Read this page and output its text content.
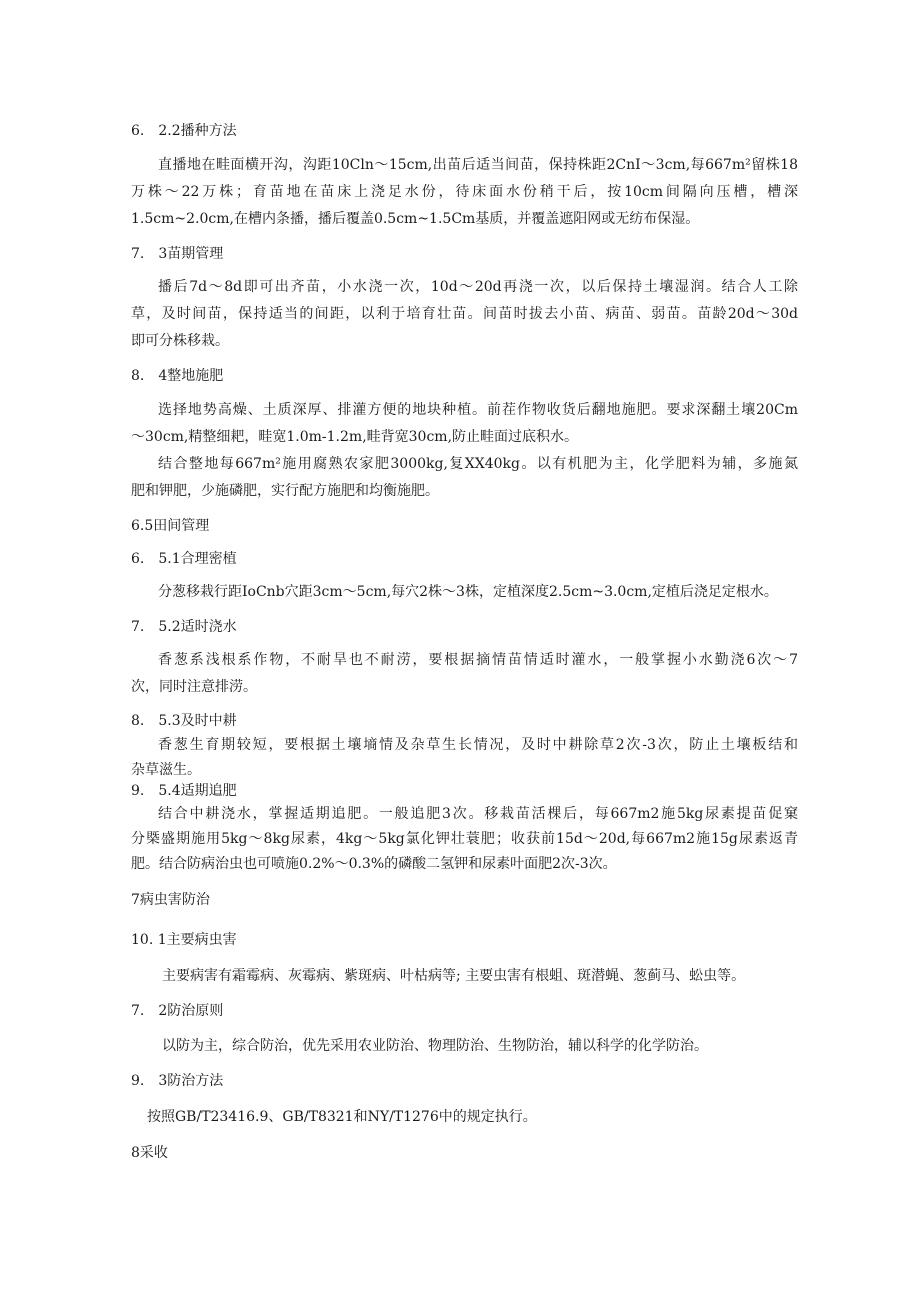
6.　2.2播种方法

直播地在畦面横开沟，沟距10Cln～15cm,出苗后适当间苗，保持株距2CnI～3cm,每667m²留株18

万株～22万株；育苗地在苗床上浇足水份，待床面水份稍干后，按10cm间隔向压槽，槽深

1.5cm~2.0cm,在槽内条播，播后覆盖0.5cm~1.5Cm基质，并覆盖遮阳网或无纺布保湿。

7.　3苗期管理

播后7d～8d即可出齐苗，小水浇一次，10d～20d再浇一次，以后保持土壤湿润。结合人工除

草，及时间苗，保持适当的间距，以利于培育壮苗。间苗时拔去小苗、病苗、弱苗。苗龄20d～30d

即可分株移栽。

8.　4整地施肥

选择地势高燥、土质深厚、排灌方便的地块种植。前茬作物收货后翻地施肥。要求深翻土壤20Cm

～30cm,精整细耙，畦宽1.0m-1.2m,畦背宽30cm,防止畦面过底积水。

结合整地每667m²施用腐熟农家肥3000kg,复XX40kg。以有机肥为主，化学肥料为辅，多施氮

肥和钾肥，少施磷肥，实行配方施肥和均衡施肥。

6.5田间管理

6.　5.1合理密植

分葱移栽行距IoCnb穴距3cm～5cm,每穴2株～3株，定植深度2.5cm~3.0cm,定植后浇足定根水。

7.　5.2适时浇水

香葱系浅根系作物，不耐旱也不耐涝，要根据摘情苗情适时灌水，一般掌握小水勤浇6次～7

次，同时注意排涝。

8.　5.3及时中耕

香葱生育期较短，要根据土壤墒情及杂草生长情况，及时中耕除草2次-3次，防止土壤板结和

杂草滋生。

9.　5.4适期追肥

结合中耕浇水，掌握适期追肥。一般追肥3次。移栽苗活棵后，每667m2施5kg尿素提苗促窠

分槩盛期施用5kg～8kg尿素，4kg～5kg氯化钾壮蓑肥；收获前15d～20d,每667m2施15g尿素返青

肥。结合防病治虫也可喷施0.2%～0.3%的磷酸二氢钾和尿素叶面肥2次-3次。

7病虫害防治

10. 1主要病虫害

主要病害有霜霉病、灰霉病、紫斑病、叶枯病等; 主要虫害有根蛆、斑潜蝇、葱蓟马、蚣虫等。

7.　2防治原则

以防为主，综合防治，优先采用农业防治、物理防治、生物防治，辅以科学的化学防治。

9.　3防治方法

按照GB/T23416.9、GB/T8321和NY/T1276中的规定执行。

8采收
